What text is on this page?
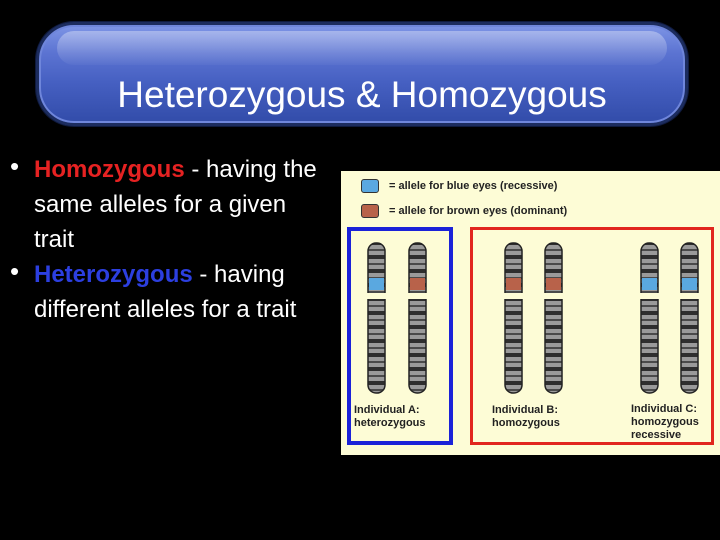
Heterozygous & Homozygous
• Homozygous - having the same alleles for a given trait
• Heterozygous - having different alleles for a trait
= allele for blue eyes (recessive)
= allele for brown eyes (dominant)
Individual A:
heterozygous
Individual B:
homozygous
Individual C:
homozygous
recessive
